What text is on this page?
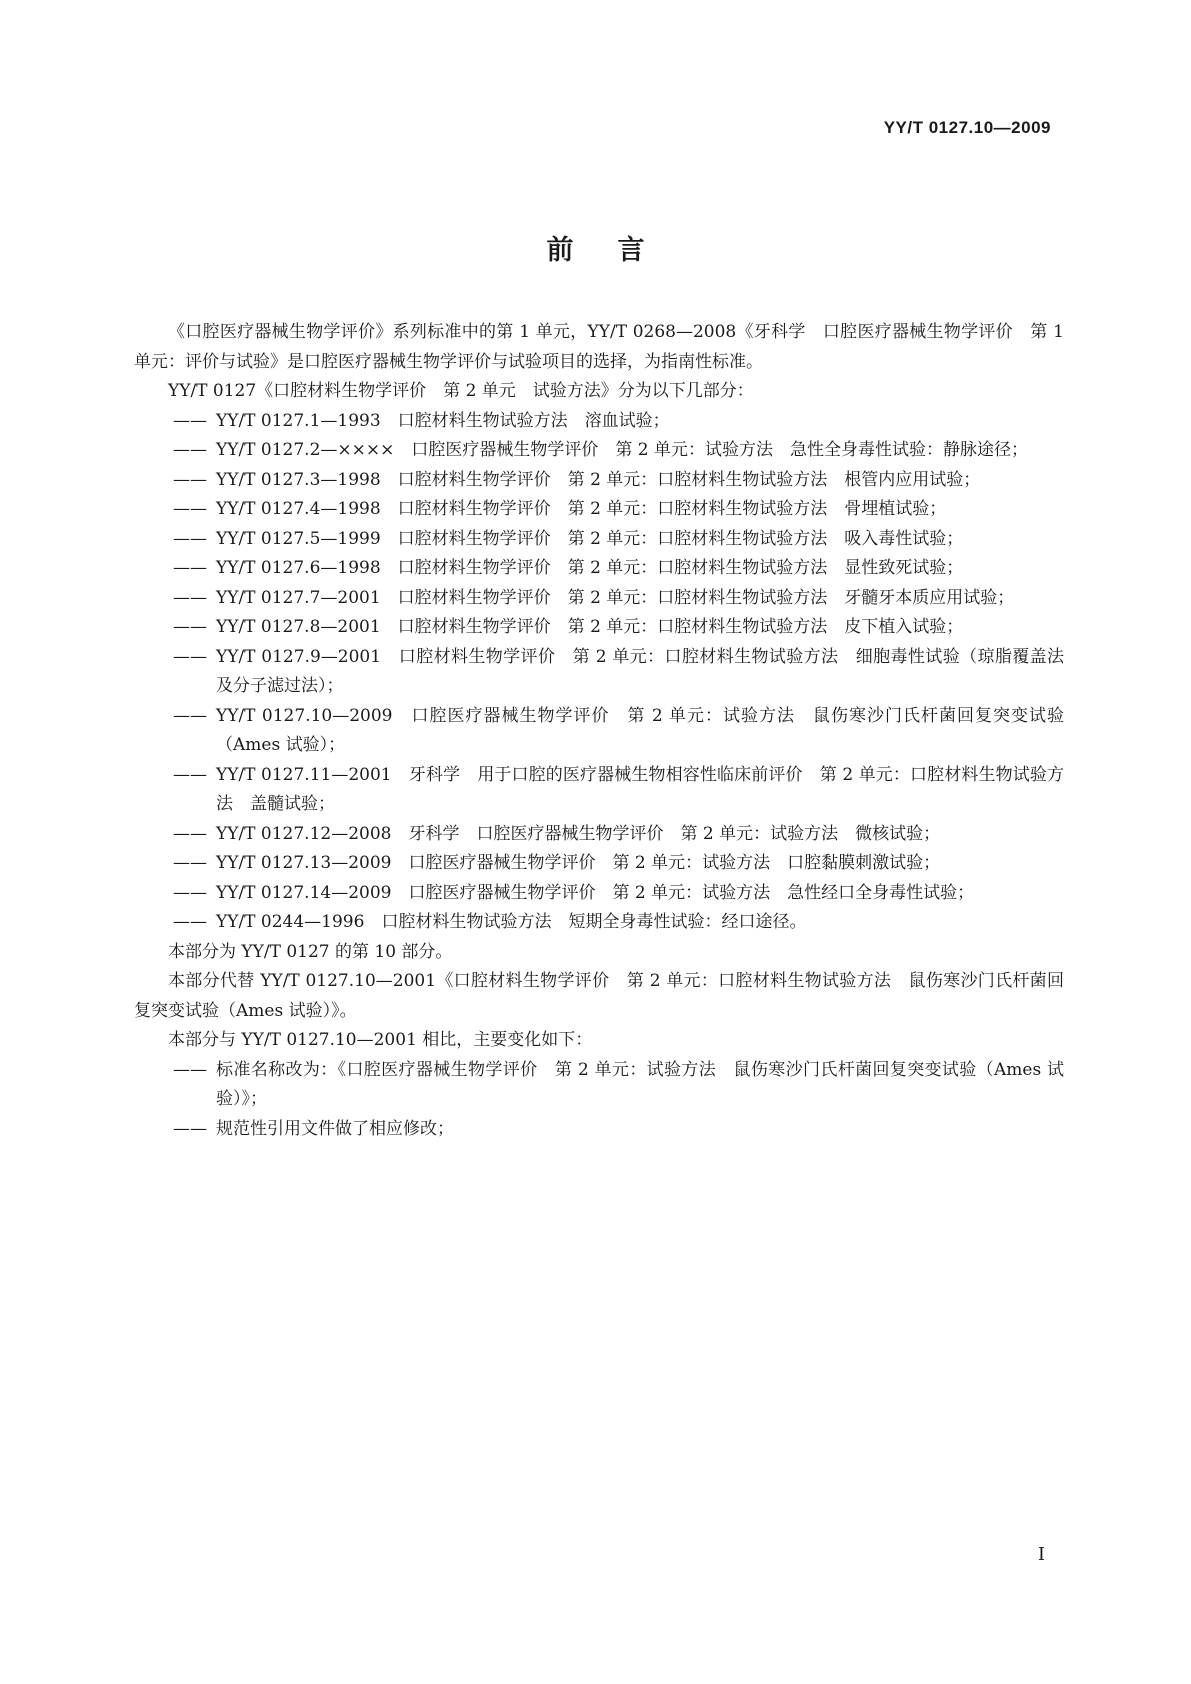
YY/T 0127.10—2009
前言

《口腔医疗器械生物学评价》系列标准中的第 1 单元，YY/T 0268—2008《牙科学　口腔医疗器械生物学评价　第 1 单元：评价与试验》是口腔医疗器械生物学评价与试验项目的选择，为指南性标准。

YY/T 0127《口腔材料生物学评价　第 2 单元　试验方法》分为以下几部分：

—— YY/T 0127.1—1993　口腔材料生物试验方法　溶血试验；

—— YY/T 0127.2—××××　口腔医疗器械生物学评价　第 2 单元：试验方法　急性全身毒性试验：静脉途径；

—— YY/T 0127.3—1998　口腔材料生物学评价　第 2 单元：口腔材料生物试验方法　根管内应用试验；

—— YY/T 0127.4—1998　口腔材料生物学评价　第 2 单元：口腔材料生物试验方法　骨埋植试验；

—— YY/T 0127.5—1999　口腔材料生物学评价　第 2 单元：口腔材料生物试验方法　吸入毒性试验；

—— YY/T 0127.6—1998　口腔材料生物学评价　第 2 单元：口腔材料生物试验方法　显性致死试验；

—— YY/T 0127.7—2001　口腔材料生物学评价　第 2 单元：口腔材料生物试验方法　牙髓牙本质应用试验；

—— YY/T 0127.8—2001　口腔材料生物学评价　第 2 单元：口腔材料生物试验方法　皮下植入试验；

—— YY/T 0127.9—2001　口腔材料生物学评价　第 2 单元：口腔材料生物试验方法　细胞毒性试验（琼脂覆盖法及分子滤过法）；

—— YY/T 0127.10—2009　口腔医疗器械生物学评价　第 2 单元：试验方法　鼠伤寒沙门氏杆菌回复突变试验（Ames 试验）；

—— YY/T 0127.11—2001　牙科学　用于口腔的医疗器械生物相容性临床前评价　第 2 单元：口腔材料生物试验方法　盖髓试验；

—— YY/T 0127.12—2008　牙科学　口腔医疗器械生物学评价　第 2 单元：试验方法　微核试验；

—— YY/T 0127.13—2009　口腔医疗器械生物学评价　第 2 单元：试验方法　口腔黏膜刺激试验；

—— YY/T 0127.14—2009　口腔医疗器械生物学评价　第 2 单元：试验方法　急性经口全身毒性试验；

—— YY/T 0244—1996　口腔材料生物试验方法　短期全身毒性试验：经口途径。

本部分为 YY/T 0127 的第 10 部分。

本部分代替 YY/T 0127.10—2001《口腔材料生物学评价　第 2 单元：口腔材料生物试验方法　鼠伤寒沙门氏杆菌回复突变试验（Ames 试验）》。

本部分与 YY/T 0127.10—2001 相比，主要变化如下：

—— 标准名称改为：《口腔医疗器械生物学评价　第 2 单元：试验方法　鼠伤寒沙门氏杆菌回复突变试验（Ames 试验）》；

—— 规范性引用文件做了相应修改；

I
